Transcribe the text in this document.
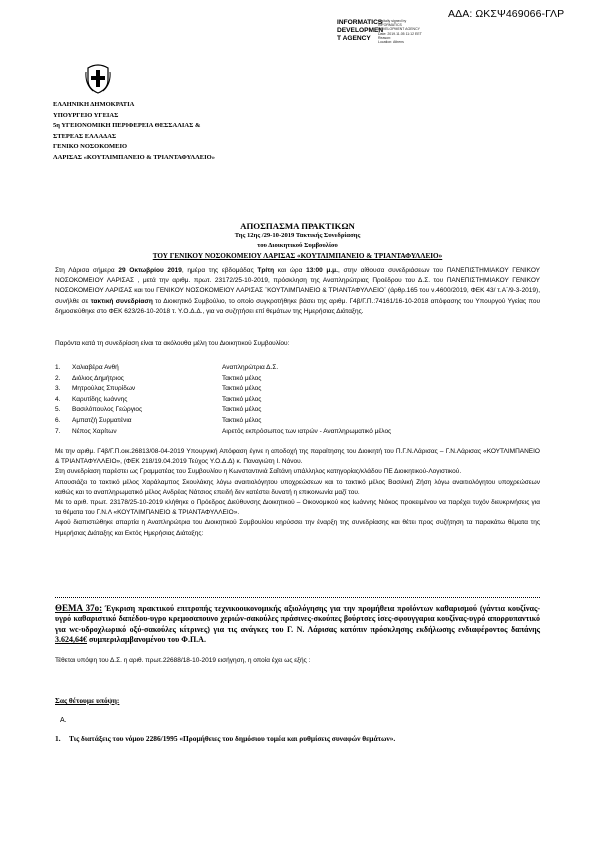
ΑΔΑ: ΩΚΣΨ469066-ΓΛΡ
INFORMATICS
DEVELOPMEN
T AGENCY
Digitally signed by
INFORMATICS DEVELOPMENT AGENCY
Date: 2019.11.05 11:12 EET
Reason:
Location: Athens
ΕΛΛΗΝΙΚΗ ΔΗΜΟΚΡΑΤΙΑ
ΥΠΟΥΡΓΕΙΟ ΥΓΕΙΑΣ
5η ΥΓΕΙΟΝΟΜΙΚΗ ΠΕΡΙΦΕΡΕΙΑ ΘΕΣΣΑΛΙΑΣ &
ΣΤΕΡΕΑΣ ΕΛΛΑΔΑΣ
ΓΕΝΙΚΟ ΝΟΣΟΚΟΜΕΙΟ
ΛΑΡΙΣΑΣ «ΚΟΥΤΛΙΜΠΑΝΕΙΟ & ΤΡΙΑΝΤΑΦΥΛΛΕΙΟ»
ΑΠΟΣΠΑΣΜΑ ΠΡΑΚΤΙΚΩΝ
Της 12ης /29-10-2019 Τακτικής Συνεδρίασης
του Διοικητικού Συμβουλίου
ΤΟΥ ΓΕΝΙΚΟΥ ΝΟΣΟΚΟΜΕΙΟΥ ΛΑΡΙΣΑΣ «ΚΟΥΤΛΙΜΠΑΝΕΙΟ & ΤΡΙΑΝΤΑΦΥΛΛΕΙΟ»
Στη Λάρισα σήμερα 29 Οκτωβρίου 2019, ημέρα της εβδομάδας Τρίτη και ώρα 13:00 μ.μ., στην αίθουσα συνεδριάσεων του ΠΑΝΕΠΙΣΤΗΜΙΑΚΟΥ ΓΕΝΙΚΟΥ ΝΟΣΟΚΟΜΕΙΟΥ ΛΑΡΙΣΑΣ , μετά την αριθμ. πρωτ. 23172/25-10-2019, πρόσκληση της Αναπληρώτριας Προέδρου του Δ.Σ. του ΠΑΝΕΠΙΣΤΗΜΙΑΚΟΥ ΓΕΝΙΚΟΥ ΝΟΣΟΚΟΜΕΙΟΥ ΛΑΡΙΣΑΣ και του ΓΕΝΙΚΟΥ ΝΟΣΟΚΟΜΕΙΟΥ ΛΑΡΙΣΑΣ ¨ΚΟΥΤΛΙΜΠΑΝΕΙΟ & ΤΡΙΑΝΤΑΦΥΛΛΕΙΟ¨ (άρθρ.165 του ν.4600/2019, ΦΕΚ 43/ τ.Α΄/9-3-2019), συνήλθε σε τακτική συνεδρίαση το Διοικητικό Συμβούλιο, το οποίο συγκροτήθηκε βάσει της αριθμ. Γ4β/Γ.Π.:74161/16-10-2018 απόφασης του Υπουργού Υγείας που δημοσιεύθηκε στο ΦΕΚ 623/26-10-2018 τ. Υ.Ο.Δ.Δ., για να συζητήσει επί θεμάτων της Ημερήσιας Διάταξης.
Παρόντα κατά τη συνεδρίαση είναι τα ακόλουθα μέλη του Διοικητικού Συμβουλίου:
1. Χαλιαβέρα Ανθή	Αναπληρώτρια Δ.Σ.
2. Διόλιος Δημήτριος	Τακτικό μέλος
3. Μητρούλας Σπυρίδων	Τακτικό μέλος
4. Καρυτίδης Ιωάννης	Τακτικό μέλος
5. Βασιλόπουλος Γεώργιος	Τακτικό μέλος
6. Αμπατζή Συρματένια	Τακτικό μέλος
7. Νέπος Χαρίτων	Αιρετός εκπρόσωπος των ιατρών - Αναπληρωματικό μέλος
Με την αριθμ. Γ4β/Γ.Π.οικ.26813/08-04-2019 Υπουργική Απόφαση έγινε η αποδοχή της παραίτησης του Διοικητή του Π.Γ.Ν.Λάρισας – Γ.Ν.Λάρισας «ΚΟΥΤΛΙΜΠΑΝΕΙΟ & ΤΡΙΑΝΤΑΦΥΛΛΕΙΟ», (ΦΕΚ 218/19.04.2019 Τεύχος Υ.Ο.Δ.Δ) κ. Παναγιώτη Ι. Νάνου.
Στη συνεδρίαση παρέστει ως Γραμματέας του Συμβουλίου η Κωνσταντινιά Σαΐτάνη υπάλληλος κατηγορίας/κλάδου ΠΕ Διοικητικού-Λογιστικού.
Απουσιάζει το τακτικό μέλος Χαράλαμπος Σκουλάκης λόγω αναιτιολόγητου υποχρεώσεων και το τακτικό μέλος Βασιλική Ζήση λόγω αναιτιολόγητου υποχρεώσεων καθώς και το αναπληρωματικό μέλος Ανδρέας Νάτσιος επειδή δεν κατέστει δυνατή η επικοινωνία μαζί του.
Με το αριθ. πρωτ. 23178/25-10-2019 κλήθηκε ο Πρόεδρος Διεύθυνσης Διοικητικού – Οικονομικού κος Ιωάννης Νιόκος προκειμένου να παρέχει τυχόν διευκρινήσεις για τα θέματα του Γ.Ν.Λ «ΚΟΥΤΛΙΜΠΑΝΕΙΟ & ΤΡΙΑΝΤΑΦΥΛΛΕΙΟ».
Αφού διαπιστώθηκε απαρτία η Αναπληρώτρια του Διοικητικού Συμβουλίου κηρύσσει την έναρξη της συνεδρίασης και θέτει προς συζήτηση τα παρακάτω θέματα της Ημερήσιας Διάταξης και Εκτός Ημερήσιας Διάταξης:
ΘΕΜΑ 37ο: Έγκριση πρακτικού επιτροπής τεχνικοοικονομικής αξιολόγησης για την προμήθεια προϊόντων καθαρισμού (γάντια κουζίνας-υγρό καθαριστικό δαπέδου-υγρο κρεμοσαπουνο χεριών-σακούλες πράσινες-σκούπες βούρτσες ίσες-σφουγγαρια κουζίνας-υγρό απορρυπαντικό για wc-υδροχλωρικό οξύ-σακούλες κίτρινες) για τις ανάγκες του Γ. Ν. Λάρισας κατόπιν πρόσκλησης εκδήλωσης ενδιαφέροντος δαπάνης 3.624,64€ συμπεριλαμβανομένου του Φ.Π.Α.
Τέθεται υπόψη του Δ.Σ. η αριθ. πρωτ.22688/18-10-2019 εισήγηση, η οποία έχει ως εξής :
Σας θέτουμε υπόψη:
Α.
1. Τις διατάξεις του νόμου 2286/1995 «Προμήθειες του δημόσιου τομέα και ρυθμίσεις συναφών θεμάτων».
